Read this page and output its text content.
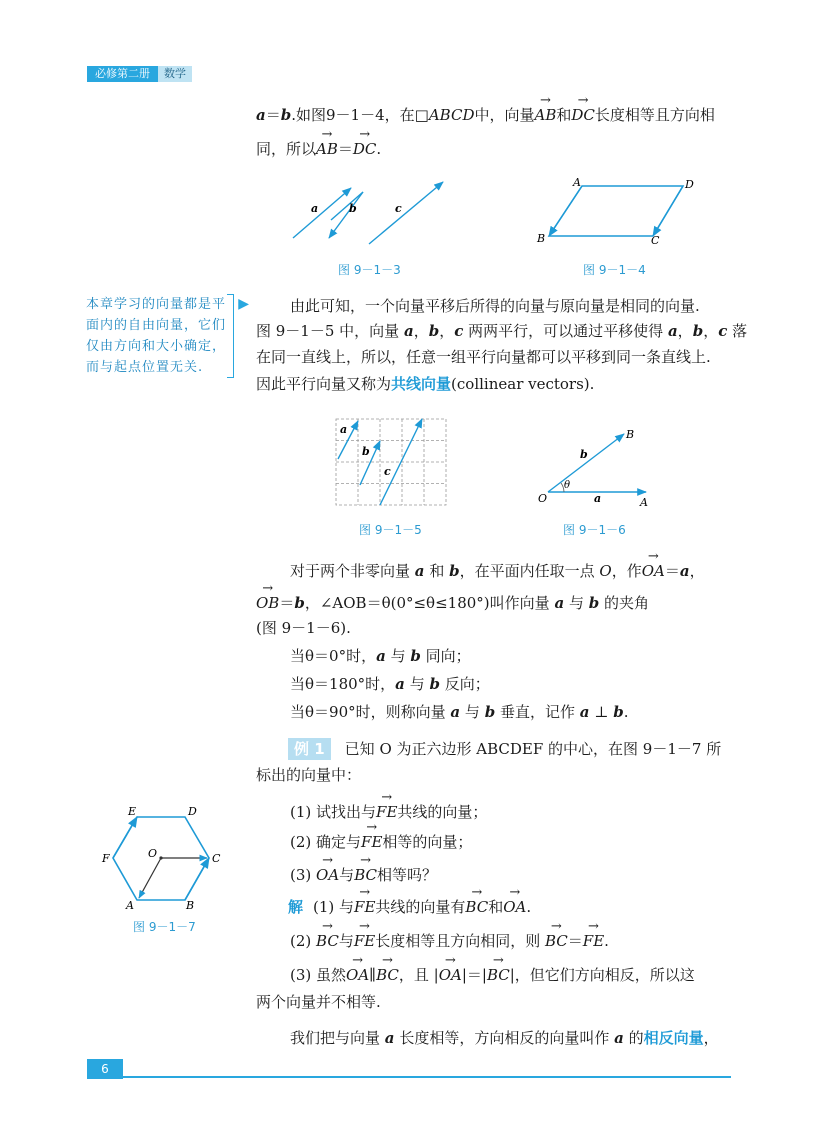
必修第二册	数学
a＝b.如图9－1－4，在□ABCD中，向量→ AB和→ DC长度相等且方向相
同，所以→ AB＝→ DC.
a	b	c
图 9－1－3
A	D
B	C
图 9－1－4
本章学习的向量都是平面内的自由向量，它们仅由方向和大小确定，而与起点位置无关.
▶	由此可知，一个向量平移后所得的向量与原向量是相同的向量.
图 9－1－5 中，向量 a，b，c 两两平行，可以通过平移使得 a，b，c 落
在同一直线上，所以，任意一组平行向量都可以平移到同一条直线上.
因此平行向量又称为共线向量(collinear vectors).
a
b
c
图 9－1－5
B
b
θ
O	a	A
图 9－1－6
对于两个非零向量 a 和 b，在平面内任取一点 O，作→ OA＝a，
→ OB＝b，∠AOB＝θ(0°≤θ≤180°)叫作向量 a 与 b 的夹角
(图 9－1－6).
当θ＝0°时，a 与 b 同向；
当θ＝180°时，a 与 b 反向；
当θ＝90°时，则称向量 a 与 b 垂直，记作 a ⊥ b.
例 1 已知 O 为正六边形 ABCDEF 的中心，在图 9－1－7 所
标出的向量中：
(1) 试找出与→ FE共线的向量；
(2) 确定与→ FE相等的向量；
(3) → OA与→ BC相等吗？
解 (1) 与→ FE共线的向量有→ BC和→ OA.
(2) → BC与→ FE长度相等且方向相同，则 → BC＝→ FE.
(3) 虽然→ OA∥→ BC，且 |→ OA|＝|→ BC|，但它们方向相反，所以这
两个向量并不相等.
E	D
F	O	C
A	B
图 9－1－7
我们把与向量 a 长度相等，方向相反的向量叫作 a 的相反向量，
6
